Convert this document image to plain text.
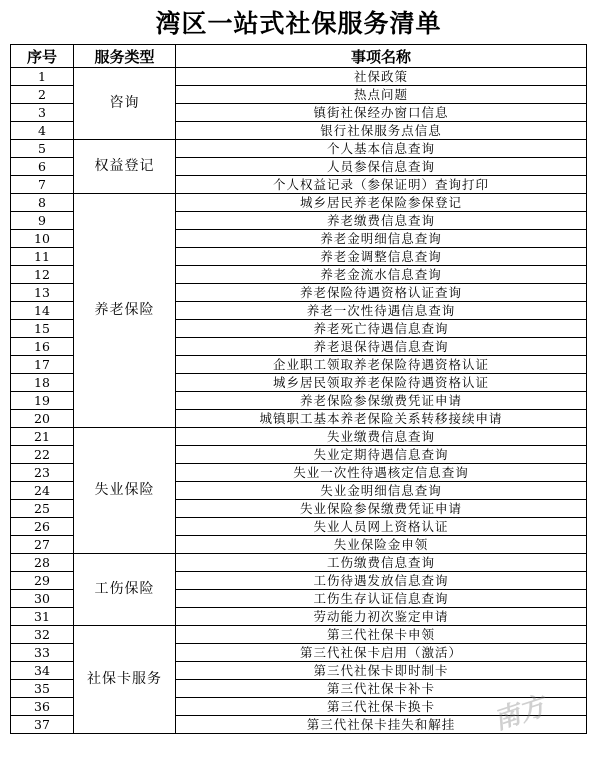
湾区一站式社保服务清单
序号	服务类型	事项名称
1	咨询	社保政策
2		热点问题
3		镇街社保经办窗口信息
4		银行社保服务点信息
5	权益登记	个人基本信息查询
6		人员参保信息查询
7		个人权益记录（参保证明）查询打印
8	养老保险	城乡居民养老保险参保登记
9		养老缴费信息查询
10		养老金明细信息查询
11		养老金调整信息查询
12		养老金流水信息查询
13		养老保险待遇资格认证查询
14		养老一次性待遇信息查询
15		养老死亡待遇信息查询
16		养老退保待遇信息查询
17		企业职工领取养老保险待遇资格认证
18		城乡居民领取养老保险待遇资格认证
19		养老保险参保缴费凭证申请
20		城镇职工基本养老保险关系转移接续申请
21	失业保险	失业缴费信息查询
22		失业定期待遇信息查询
23		失业一次性待遇核定信息查询
24		失业金明细信息查询
25		失业保险参保缴费凭证申请
26		失业人员网上资格认证
27		失业保险金申领
28	工伤保险	工伤缴费信息查询
29		工伤待遇发放信息查询
30		工伤生存认证信息查询
31		劳动能力初次鉴定申请
32	社保卡服务	第三代社保卡申领
33		第三代社保卡启用（激活）
34		第三代社保卡即时制卡
35		第三代社保卡补卡
36		第三代社保卡换卡
37		第三代社保卡挂失和解挂 南方
